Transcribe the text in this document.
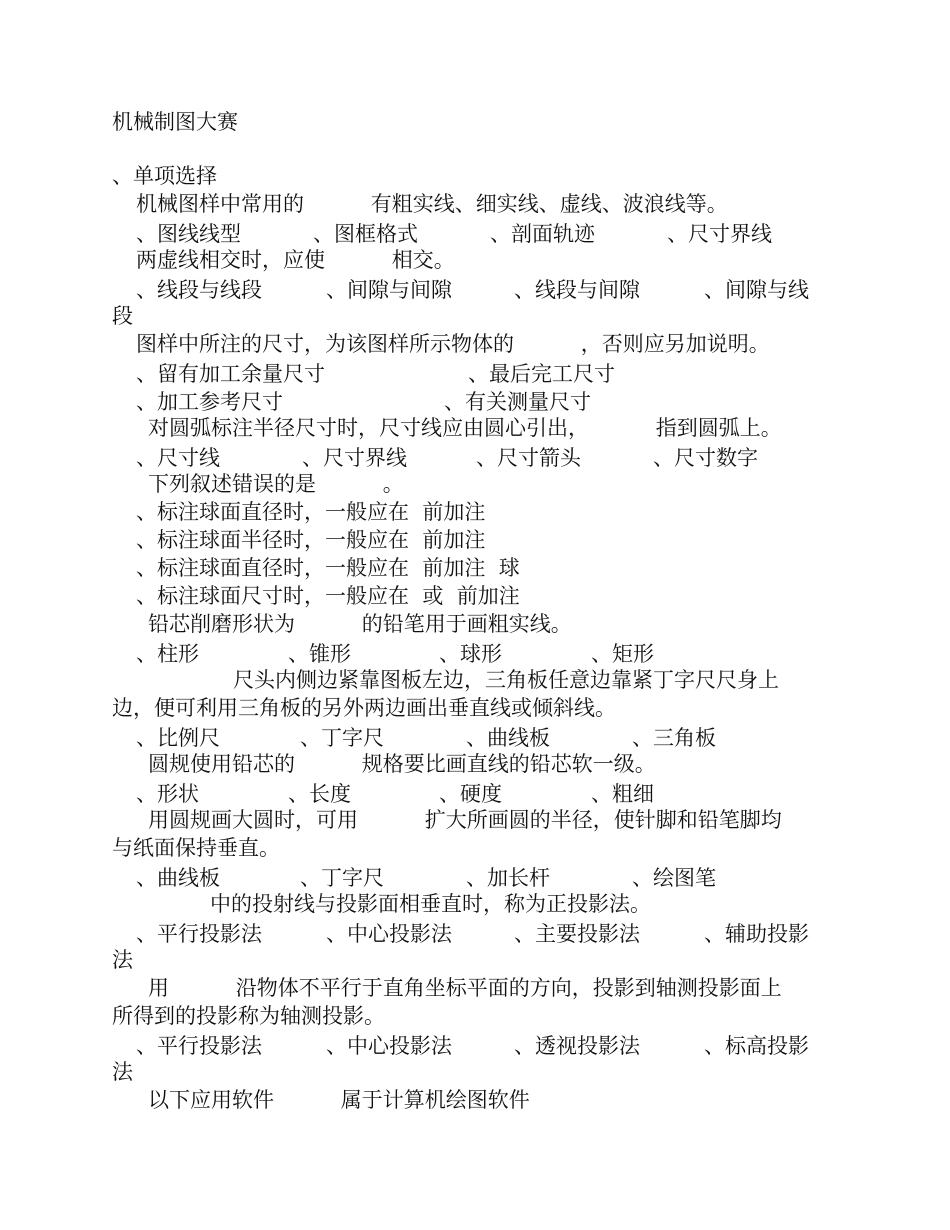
机械制图大赛
、单项选择
机械图样中常用的          有粗实线、细实线、虚线、波浪线等。
、图线线型	、图框格式	、剖面轨迹	、尺寸界线
两虚线相交时，应使          相交。
、线段与线段	、间隙与间隙	、线段与间隙	、间隙与线
段
图样中所注的尺寸，为该图样所示物体的          ，否则应另加说明。
、留有加工余量尺寸	、最后完工尺寸
、加工参考尺寸	、有关测量尺寸
对圆弧标注半径尺寸时，尺寸线应由圆心引出，          指到圆弧上。
、尺寸线	、尺寸界线	、尺寸箭头	、尺寸数字
下列叙述错误的是          。
、标注球面直径时，一般应在  前加注
、标注球面半径时，一般应在  前加注
、标注球面直径时，一般应在  前加注  球
、标注球面尺寸时，一般应在  或  前加注
铅芯削磨形状为          的铅笔用于画粗实线。
、柱形	、锥形	、球形	、矩形
尺头内侧边紧靠图板左边，三角板任意边靠紧丁字尺尺身上
边，便可利用三角板的另外两边画出垂直线或倾斜线。
、比例尺	、丁字尺	、曲线板	、三角板
圆规使用铅芯的          规格要比画直线的铅芯软一级。
、形状	、长度	、硬度	、粗细
用圆规画大圆时，可用          扩大所画圆的半径，使针脚和铅笔脚均
与纸面保持垂直。
、曲线板	、丁字尺	、加长杆	、绘图笔
中的投射线与投影面相垂直时，称为正投影法。
、平行投影法	、中心投影法	、主要投影法	、辅助投影
法
用          沿物体不平行于直角坐标平面的方向，投影到轴测投影面上
所得到的投影称为轴测投影。
、平行投影法	、中心投影法	、透视投影法	、标高投影
法
以下应用软件          属于计算机绘图软件
